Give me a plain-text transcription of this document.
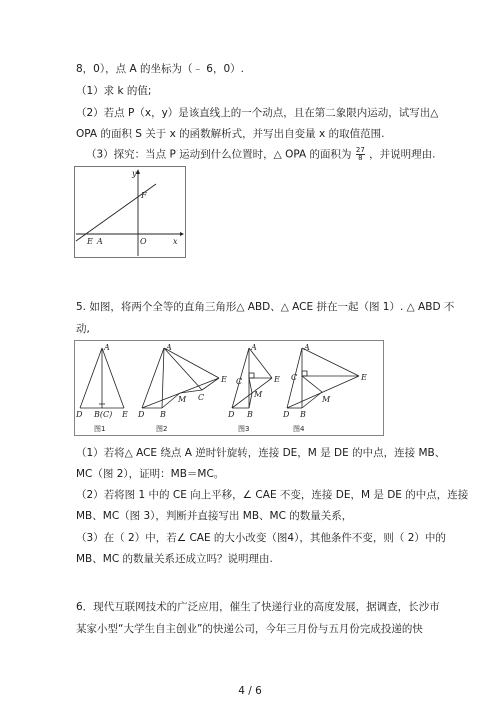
8，0），点 A 的坐标为（﹣ 6，0）.
（1）求 k 的值;
（2）若点 P（x，y）是该直线上的一个动点，且在第二象限内运动，试写出△
OPA 的面积 S 关于 x 的函数解析式，并写出自变量 x 的取值范围.
（3）探究：当点 P 运动到什么位置时，△ OPA 的面积为 $\frac{27}{8}$ ，并说明理由.
y
x
F
E A	O
5. 如图，将两个全等的直角三角形△ ABD、△ ACE 拼在一起（图 1）. △ ABD 不
动,
A
D B(C) E
图1
A
D B
M C
E
图2
A
C	E
M
D B
图3
A
C	E
M
D B
图4
（1）若将△ ACE 绕点 A 逆时针旋转，连接 DE，M 是 DE 的中点，连接 MB、
MC（图 2），证明：MB＝MC。
（2）若将图 1 中的 CE 向上平移，∠ CAE 不变，连接 DE，M 是 DE 的中点，连接
MB、MC（图 3），判断并直接写出 MB、MC 的数量关系，
（3）在（ 2）中，若∠ CAE 的大小改变（图4），其他条件不变，则（ 2）中的
MB、MC 的数量关系还成立吗？说明理由.
6．现代互联网技术的广泛应用，催生了快递行业的高度发展，据调查，长沙市
某家小型“大学生自主创业”的快递公司，今年三月份与五月份完成投递的快
4 / 6
